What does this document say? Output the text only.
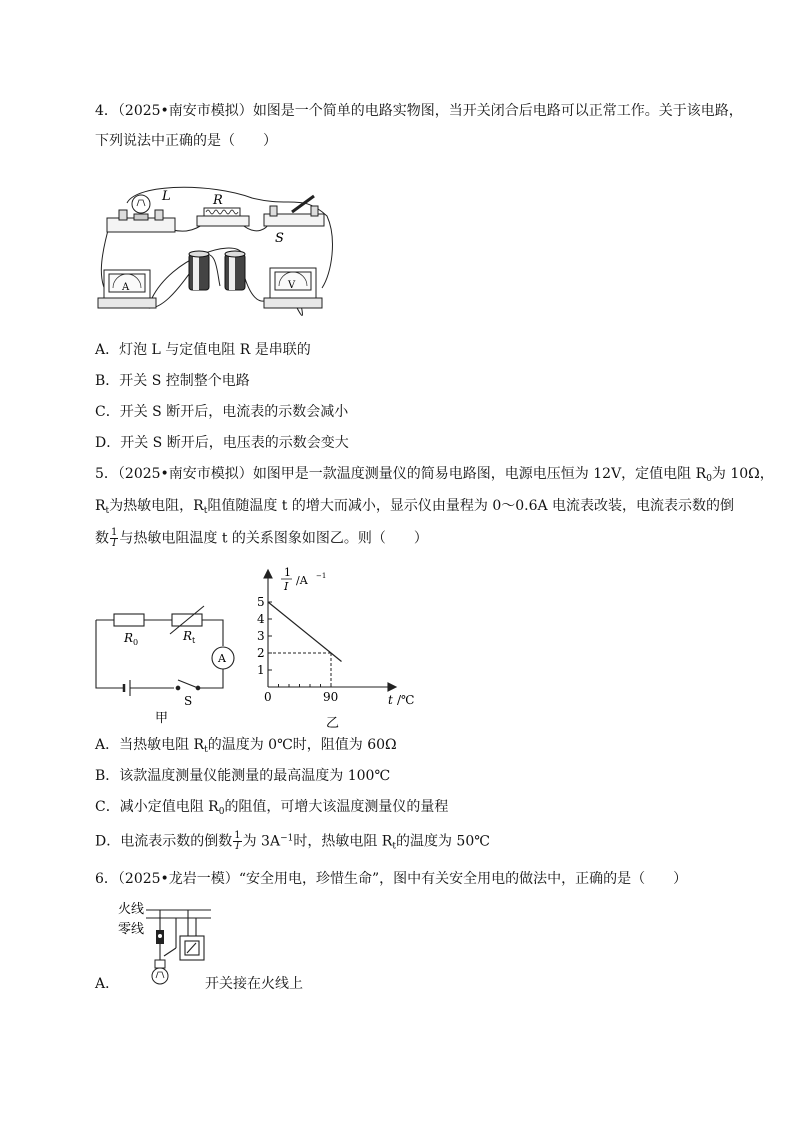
4．（2025•南安市模拟）如图是一个简单的电路实物图，当开关闭合后电路可以正常工作。关于该电路，
下列说法中正确的是（　　）
L	R
S
A	V
A．灯泡 L 与定值电阻 R 是串联的
B．开关 S 控制整个电路
C．开关 S 断开后，电流表的示数会减小
D．开关 S 断开后，电压表的示数会变大
5．（2025•南安市模拟）如图甲是一款温度测量仪的简易电路图，电源电压恒为 12V，定值电阻 $R_0$为 10Ω，
$R_t$为热敏电阻，$R_t$阻值随温度 t 的增大而减小，显示仪由量程为 0～0.6A 电流表改装，电流表示数的倒
数 $\frac{1}{I}$ 与热敏电阻温度 t 的关系图象如图乙。则（　　）
R 0	R t
A
S
甲
1
2
3
4
5
1
I /A −1
0	90	t /℃
乙
A．当热敏电阻 $R_t$的温度为 0℃时，阻值为 60Ω
B．该款温度测量仪能测量的最高温度为 100℃
C．减小定值电阻 $R_0$的阻值，可增大该温度测量仪的量程
D．电流表示数的倒数 $\frac{1}{I}$ 为 $3A^{-1}$时，热敏电阻 $R_t$的温度为 50℃
6．（2025•龙岩一模）“安全用电，珍惜生命”，图中有关安全用电的做法中，正确的是（　　）
火线
零线
A．	开关接在火线上
